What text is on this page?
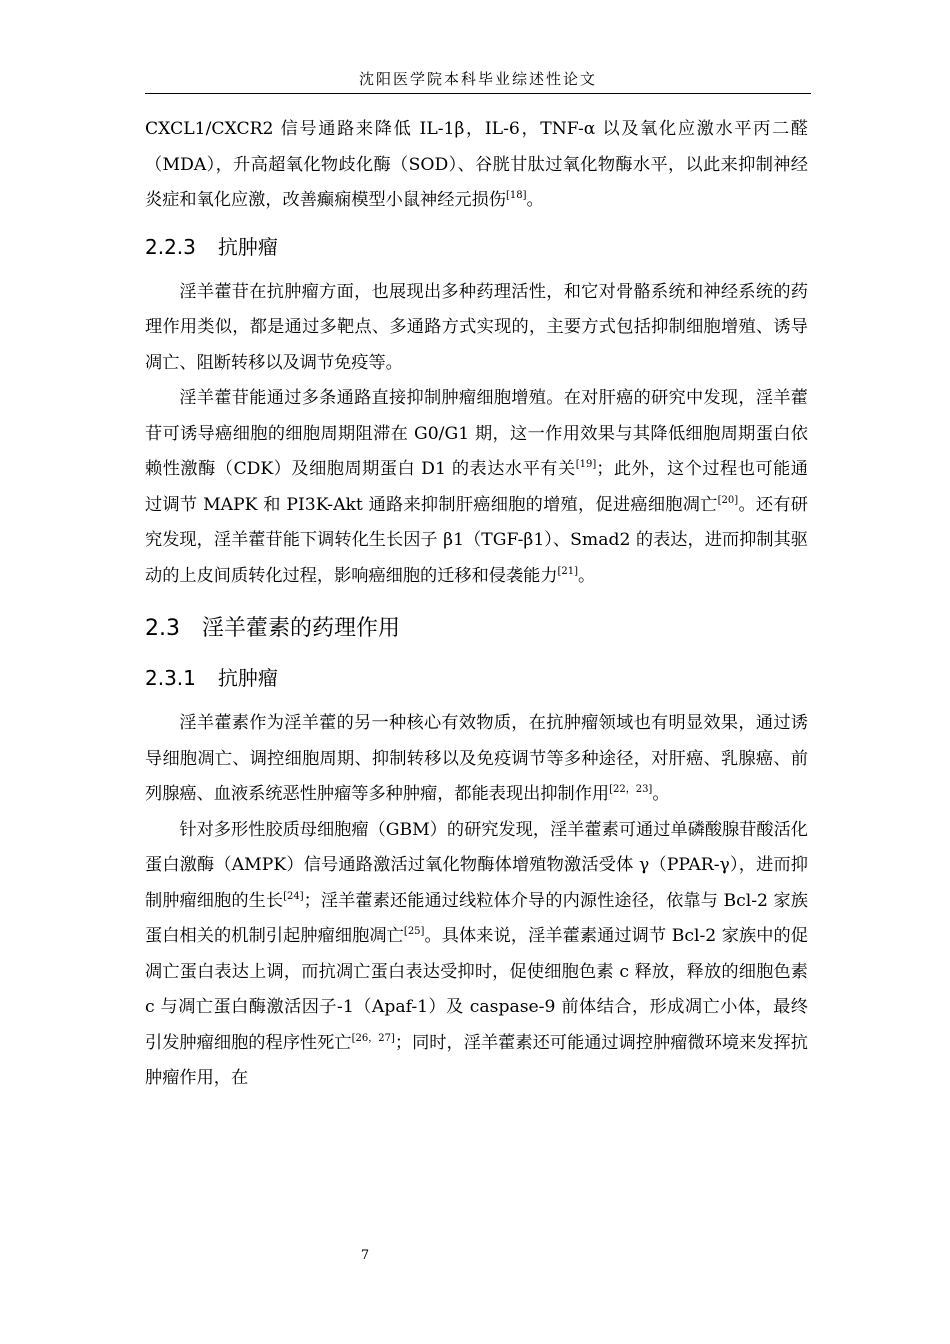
沈阳医学院本科毕业综述性论文

CXCL1/CXCR2 信号通路来降低 IL-1β，IL-6，TNF-α 以及氧化应激水平丙二醛（MDA），升高超氧化物歧化酶（SOD）、谷胱甘肽过氧化物酶水平，以此来抑制神经炎症和氧化应激，改善癫痫模型小鼠神经元损伤[18]。

2.2.3 抗肿瘤

淫羊藿苷在抗肿瘤方面，也展现出多种药理活性，和它对骨骼系统和神经系统的药理作用类似，都是通过多靶点、多通路方式实现的，主要方式包括抑制细胞增殖、诱导凋亡、阻断转移以及调节免疫等。

淫羊藿苷能通过多条通路直接抑制肿瘤细胞增殖。在对肝癌的研究中发现，淫羊藿苷可诱导癌细胞的细胞周期阻滞在 G0/G1 期，这一作用效果与其降低细胞周期蛋白依赖性激酶（CDK）及细胞周期蛋白 D1 的表达水平有关[19]；此外，这个过程也可能通过调节 MAPK 和 PI3K-Akt 通路来抑制肝癌细胞的增殖，促进癌细胞凋亡[20]。还有研究发现，淫羊藿苷能下调转化生长因子 β1（TGF-β1）、Smad2 的表达，进而抑制其驱动的上皮间质转化过程，影响癌细胞的迁移和侵袭能力[21]。

2.3 淫羊藿素的药理作用
2.3.1 抗肿瘤

淫羊藿素作为淫羊藿的另一种核心有效物质，在抗肿瘤领域也有明显效果，通过诱导细胞凋亡、调控细胞周期、抑制转移以及免疫调节等多种途径，对肝癌、乳腺癌、前列腺癌、血液系统恶性肿瘤等多种肿瘤，都能表现出抑制作用[22，23]。

针对多形性胶质母细胞瘤（GBM）的研究发现，淫羊藿素可通过单磷酸腺苷酸活化蛋白激酶（AMPK）信号通路激活过氧化物酶体增殖物激活受体 γ（PPAR-γ），进而抑制肿瘤细胞的生长[24]；淫羊藿素还能通过线粒体介导的内源性途径，依靠与 Bcl-2 家族蛋白相关的机制引起肿瘤细胞凋亡[25]。具体来说，淫羊藿素通过调节 Bcl-2 家族中的促凋亡蛋白表达上调，而抗凋亡蛋白表达受抑时，促使细胞色素 c 释放，释放的细胞色素 c 与凋亡蛋白酶激活因子-1（Apaf-1）及 caspase-9 前体结合，形成凋亡小体，最终引发肿瘤细胞的程序性死亡[26，27]；同时，淫羊藿素还可能通过调控肿瘤微环境来发挥抗肿瘤作用，在

7
